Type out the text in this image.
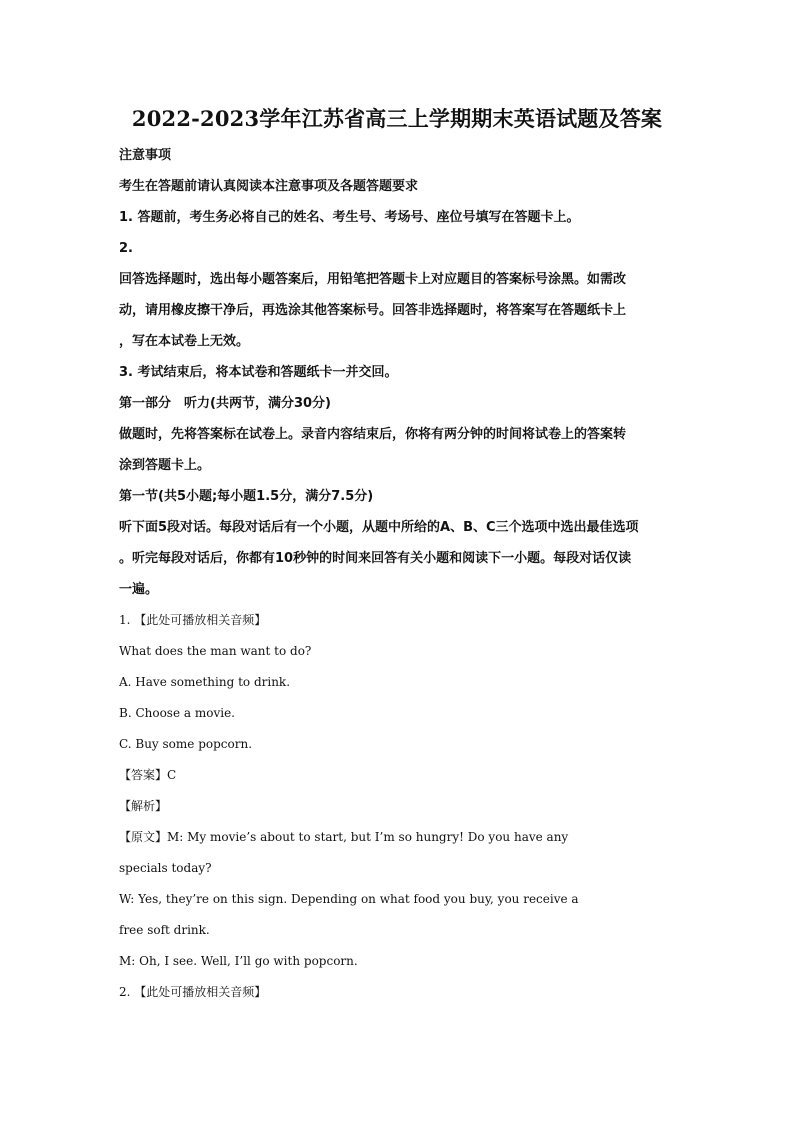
2022-2023学年江苏省高三上学期期末英语试题及答案
注意事项
考生在答题前请认真阅读本注意事项及各题答题要求
1. 答题前，考生务必将自己的姓名、考生号、考场号、座位号填写在答题卡上。
2.
回答选择题时，选出每小题答案后，用铅笔把答题卡上对应题目的答案标号涂黑。如需改
动，请用橡皮擦干净后，再选涂其他答案标号。回答非选择题时，将答案写在答题纸卡上
，写在本试卷上无效。
3. 考试结束后，将本试卷和答题纸卡一并交回。
第一部分　听力(共两节，满分30分)
做题时，先将答案标在试卷上。录音内容结束后，你将有两分钟的时间将试卷上的答案转
涂到答题卡上。
第一节(共5小题;每小题1.5分，满分7.5分)
听下面5段对话。每段对话后有一个小题，从题中所给的A、B、C三个选项中选出最佳选项
。听完每段对话后，你都有10秒钟的时间来回答有关小题和阅读下一小题。每段对话仅读
一遍。
1. 【此处可播放相关音频】
What does the man want to do?
A. Have something to drink.
B. Choose a movie.
C. Buy some popcorn.
【答案】C
【解析】
【原文】M: My movie’s about to start, but I’m so hungry! Do you have any
specials today?
W: Yes, they’re on this sign. Depending on what food you buy, you receive a
free soft drink.
M: Oh, I see. Well, I’ll go with popcorn.
2. 【此处可播放相关音频】
